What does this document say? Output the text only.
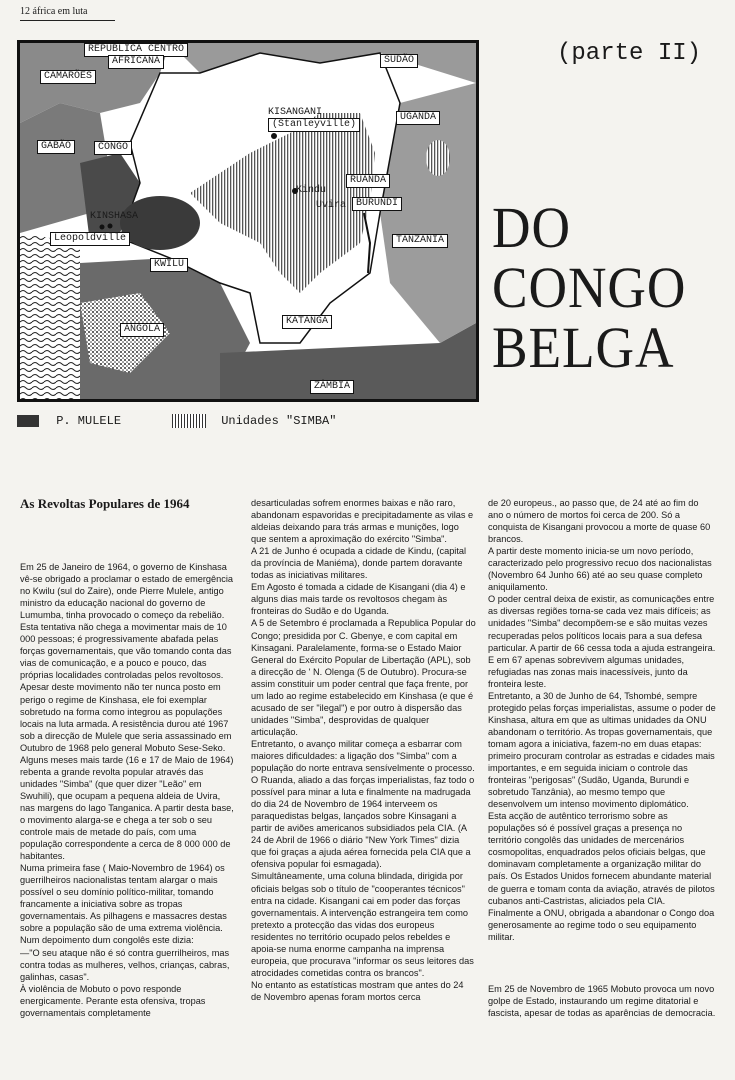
12 áfrica em luta
REPÚBLICA CENTRO
AFRICANA
CAMARÕES
SUDÃO
KISANGANI
(Stanleyville)
UGANDA
GABÃO	CONGO
RUANDA
Kindu
Uvira BURUNDI
KINSHASA
Leopoldville	TANZANIA
KWILU
ANGOLA
KATANGA
ZÂMBIA
P. MULELE	Unidades "SIMBA"
(parte II)
DO
CONGO
BELGA
As Revoltas Populares de 1964

Em 25 de Janeiro de 1964, o governo de Kinshasa vê-se obrigado a proclamar o estado de emergência no Kwilu (sul do Zaire), onde Pierre Mulele, antigo ministro da educação nacional do governo de Lumumba, tinha provocado o começo da rebelião.

Esta tentativa não chega a movimentar mais de 10 000 pessoas; é progressivamente abafada pelas forças governamentais, que vão tomando conta das vias de comunicação, e a pouco e pouco, das próprias localidades controladas pelos revoltosos.

Apesar deste movimento não ter nunca posto em perigo o regime de Kinshasa, ele foi exemplar sobretudo na forma como integrou as populações locais na luta armada. A resistência durou até 1967 sob a direcção de Mulele que seria assassinado em Outubro de 1968 pelo general Mobuto Sese-Seko.

Alguns meses mais tarde (16 e 17 de Maio de 1964) rebenta a grande revolta popular através das unidades "Simba" (que quer dizer "Leão" em Swuhili), que ocupam a pequena aldeia de Uvira, nas margens do lago Tanganica. A partir desta base, o movimento alarga-se e chega a ter sob o seu controle mais de metade do país, com uma população correspondente a cerca de 8 000 000 de habitantes.

Numa primeira fase ( Maio-Novembro de 1964) os guerrilheiros nacionalistas tentam alargar o mais possível o seu domínio político-militar, tomando francamente a iniciativa sobre as tropas governamentais. As pilhagens e massacres destas sobre a população são de uma extrema violência. Num depoimento dum congolês este dizia:

—"O seu ataque não é só contra guerrilheiros, mas contra todas as mulheres, velhos, crianças, cabras, galinhas, casas".

À violência de Mobuto o povo responde energicamente. Perante esta ofensiva, tropas governamentais completamente

desarticuladas sofrem enormes baixas e não raro, abandonam espavoridas e precipitadamente as vilas e aldeias deixando para trás armas e munições, logo que sentem a aproximação do exército "Simba".

A 21 de Junho é ocupada a cidade de Kindu, (capital da província de Maniéma), donde partem doravante todas as iniciativas militares.

Em Agosto é tomada a cidade de Kisangani (dia 4) e alguns dias mais tarde os revoltosos chegam às fronteiras do Sudão e do Uganda.

A 5 de Setembro é proclamada a Republica Popular do Congo; presidida por C. Gbenye, e com capital em Kinsagani. Paralelamente, forma-se o Estado Maior General do Exército Popular de Libertação (APL), sob a direcção de ' N. Olenga (5 de Outubro). Procura-se assim constituir um poder central que faça frente, por um lado ao regime estabelecido em Kinshasa (e que é acusado de ser "ilegal") e por outro à dispersão das unidades "Simba", desprovidas de qualquer articulação.

Entretanto, o avanço militar começa a esbarrar com maiores dificuldades: a ligação dos "Simba" com a população do norte entrava sensívelmente o processo. O Ruanda, aliado a das forças imperialistas, faz todo o possível para minar a luta e finalmente na madrugada do dia 24 de Novembro de 1964 interveem os paraquedistas belgas, lançados sobre Kinsagani a partir de aviões americanos subsidiados pela CIA. (A 24 de Abril de 1966 o diário "New York Times" dizia que foi graças a ajuda aérea fornecida pela CIA que a ofensiva popular foi esmagada).

Simultâneamente, uma coluna blindada, dirigida por oficiais belgas sob o título de "cooperantes técnicos" entra na cidade. Kisangani cai em poder das forças governamentais. A intervenção estrangeira tem como pretexto a protecção das vidas dos europeus residentes no território ocupado pelos rebeldes e apoia-se numa enorme campanha na imprensa europeia, que procurava "informar os seus leitores das atrocidades cometidas contra os brancos".

No entanto as estatísticas mostram que antes do 24 de Novembro apenas foram mortos cerca

de 20 europeus., ao passo que, de 24 até ao fim do ano o número de mortos foi cerca de 200. Só a conquista de Kisangani provocou a morte de quase 60 brancos.

A partir deste momento inicia-se um novo período, caracterizado pelo progressivo recuo dos nacionalistas (Novembro 64 Junho 66) até ao seu quase completo aniquilamento.

O poder central deixa de existir, as comunicações entre as diversas regiões torna-se cada vez mais difíceis; as unidades "Simba" decompõem-se e são muitas vezes recuperadas pelos políticos locais para a sua defesa particular. A partir de 66 cessa toda a ajuda estrangeira. E em 67 apenas sobrevivem algumas unidades, refugiadas nas zonas mais inacessíveis, junto da fronteira leste.

Entretanto, a 30 de Junho de 64, Tshombé, sempre protegido pelas forças imperialistas, assume o poder de Kinshasa, altura em que as ultimas unidades da ONU abandonam o território. As tropas governamentais, que tomam agora a iniciativa, fazem-no em duas etapas: primeiro procuram controlar as estradas e cidades mais importantes, e em seguida iniciam o controle das fronteiras "perigosas" (Sudão, Uganda, Burundi e sobretudo Tanzânia), ao mesmo tempo que desenvolvem um intenso movimento diplomático.

Esta acção de autêntico terrorismo sobre as populações só é possível graças a presença no território congolês das unidades de mercenários cosmopolitas, enquadrados pelos oficiais belgas, que dominavam completamente a organização militar do país. Os Estados Unidos fornecem abundante material de guerra e tomam conta da aviação, através de pilotos cubanos anti-Castristas, aliciados pela CIA.

Finalmente a ONU, obrigada a abandonar o Congo doa generosamente ao regime todo o seu equipamento militar.

Em 25 de Novembro de 1965 Mobuto provoca um novo golpe de Estado, instaurando um regime ditatorial e fascista, apesar de todas as aparências de democracia.
